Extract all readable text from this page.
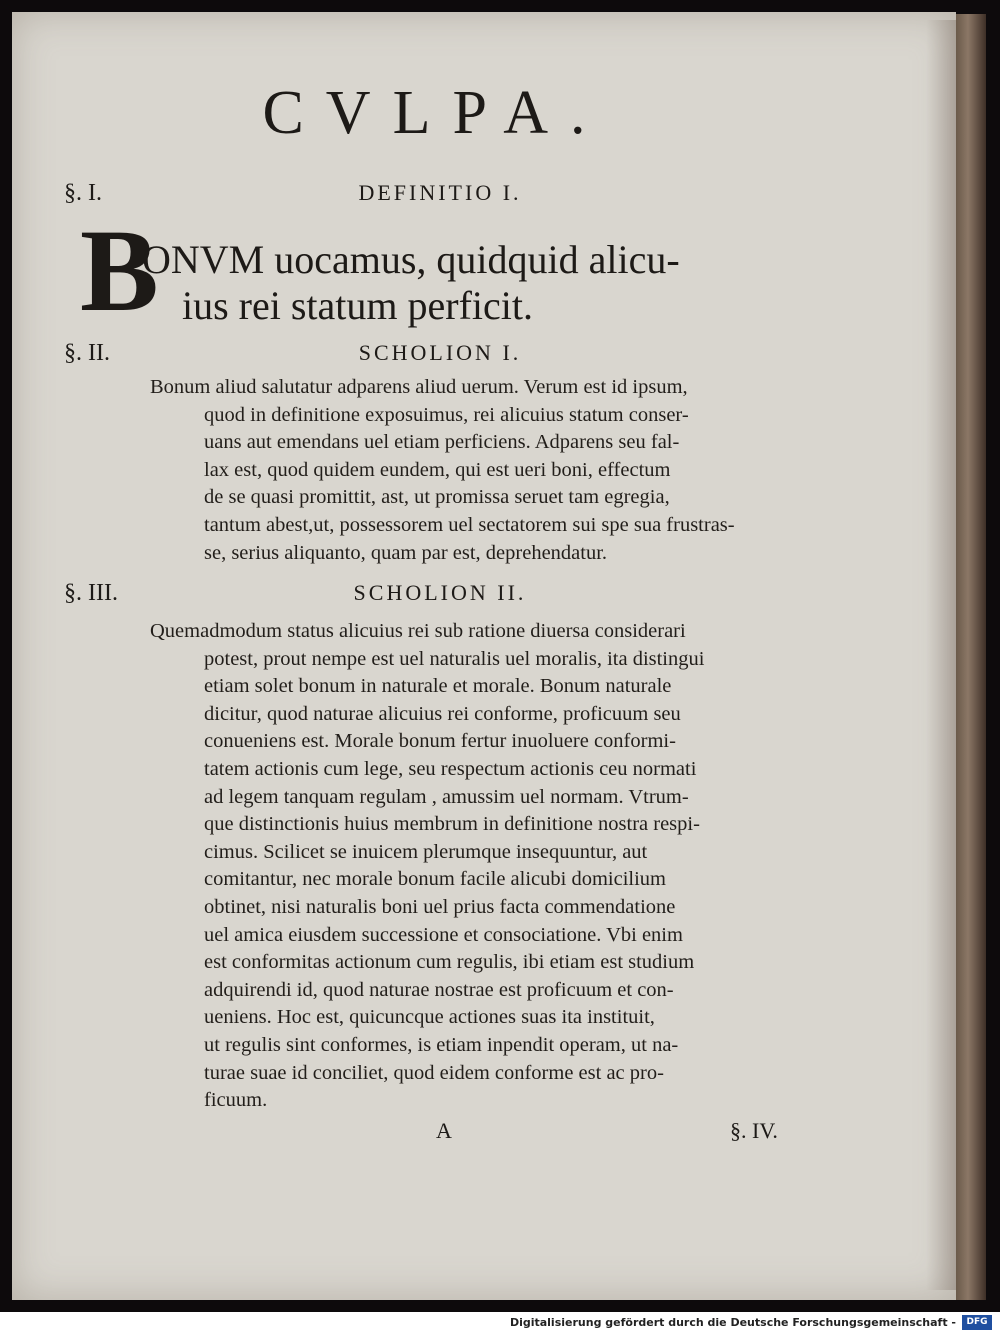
CVLPA.
§. I.	DEFINITIO I.
B
ONVM uocamus, quidquid alicu-
ius rei statum perficit.
§. II.	SCHOLION I.
Bonum aliud salutatur adparens aliud uerum. Verum est id ipsum,
quod in definitione exposuimus, rei alicuius statum conser-
uans aut emendans uel etiam perficiens. Adparens seu fal-
lax est, quod quidem eundem, qui est ueri boni, effectum
de se quasi promittit, ast, ut promissa seruet tam egregia,
tantum abest,ut, possessorem uel sectatorem sui spe sua frustras-
se, serius aliquanto, quam par est, deprehendatur.
§. III.	SCHOLION II.
Quemadmodum status alicuius rei sub ratione diuersa considerari
potest, prout nempe est uel naturalis uel moralis, ita distingui
etiam solet bonum in naturale et morale. Bonum naturale
dicitur, quod naturae alicuius rei conforme, proficuum seu
conueniens est. Morale bonum fertur inuoluere conformi-
tatem actionis cum lege, seu respectum actionis ceu normati
ad legem tanquam regulam , amussim uel normam. Vtrum-
que distinctionis huius membrum in definitione nostra respi-
cimus. Scilicet se inuicem plerumque insequuntur, aut
comitantur, nec morale bonum facile alicubi domicilium
obtinet, nisi naturalis boni uel prius facta commendatione
uel amica eiusdem successione et consociatione. Vbi enim
est conformitas actionum cum regulis, ibi etiam est studium
adquirendi id, quod naturae nostrae est proficuum et con-
ueniens. Hoc est, quicuncque actiones suas ita instituit,
ut regulis sint conformes, is etiam inpendit operam, ut na-
turae suae id conciliet, quod eidem conforme est ac pro-
ficuum.
A	§. IV.
Digitalisierung gefördert durch die Deutsche Forschungsgemeinschaft -	DFG
